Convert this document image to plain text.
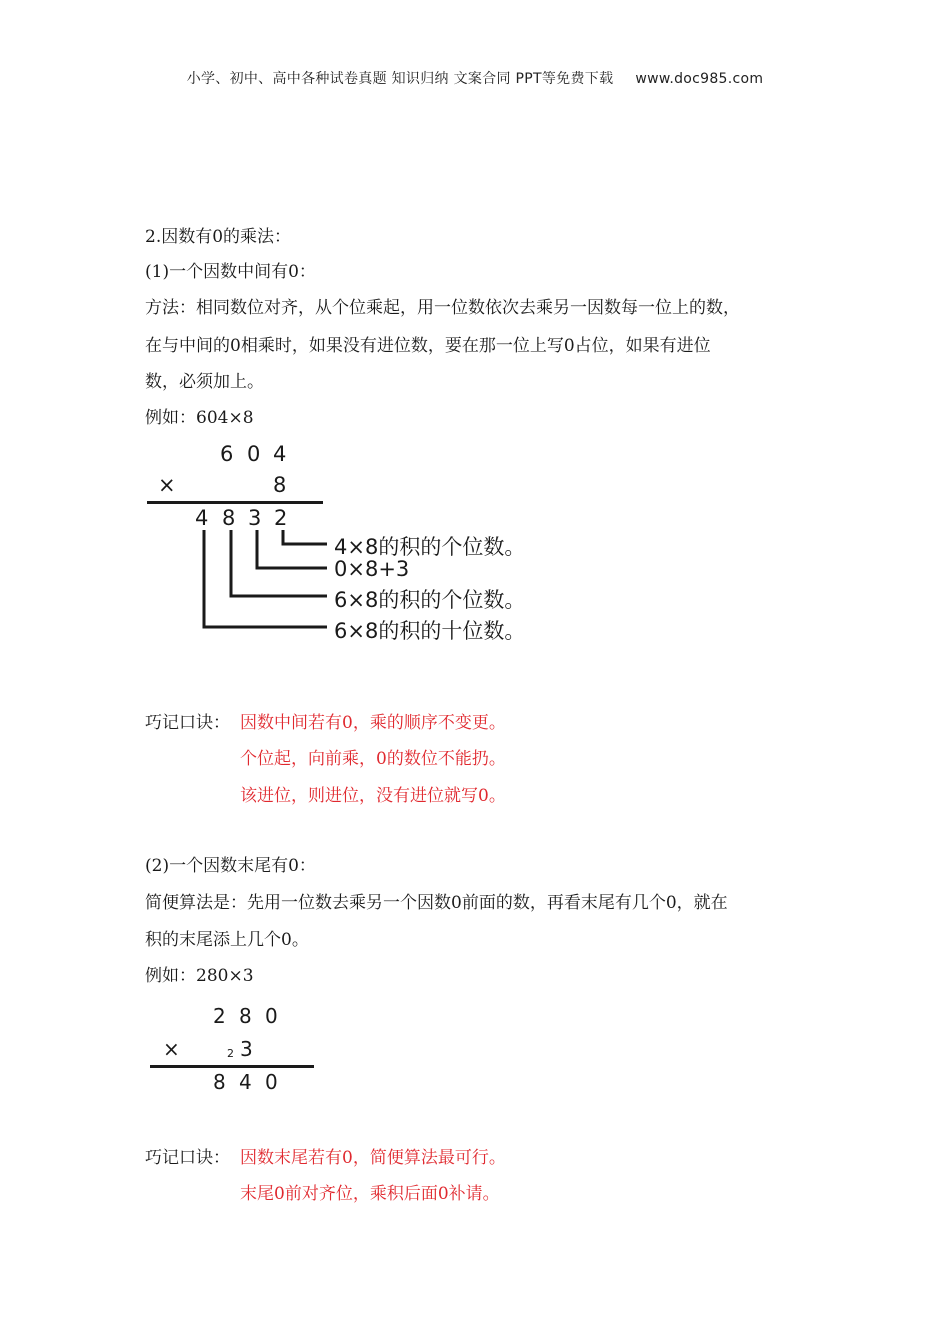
小学、初中、高中各种试卷真题 知识归纳 文案合同 PPT等免费下载 www.doc985.com
2.因数有0的乘法：
(1)一个因数中间有0：
方法：相同数位对齐，从个位乘起，用一位数依次去乘另一因数每一位上的数，
在与中间的0相乘时，如果没有进位数，要在那一位上写0占位，如果有进位
数，必须加上。
例如：604×8
6 0 4
×	8
4 8 3 2
4×8的积的个位数。
0×8+3
6×8的积的个位数。
6×8的积的十位数。
巧记口诀： 因数中间若有0，乘的顺序不变更。
个位起，向前乘，0的数位不能扔。
该进位，则进位，没有进位就写0。
(2)一个因数末尾有0：
简便算法是：先用一位数去乘另一个因数0前面的数，再看末尾有几个0，就在
积的末尾添上几个0。
例如：280×3
2 8 0
×	2 3
8 4 0
巧记口诀： 因数末尾若有0，简便算法最可行。
末尾0前对齐位，乘积后面0补请。
